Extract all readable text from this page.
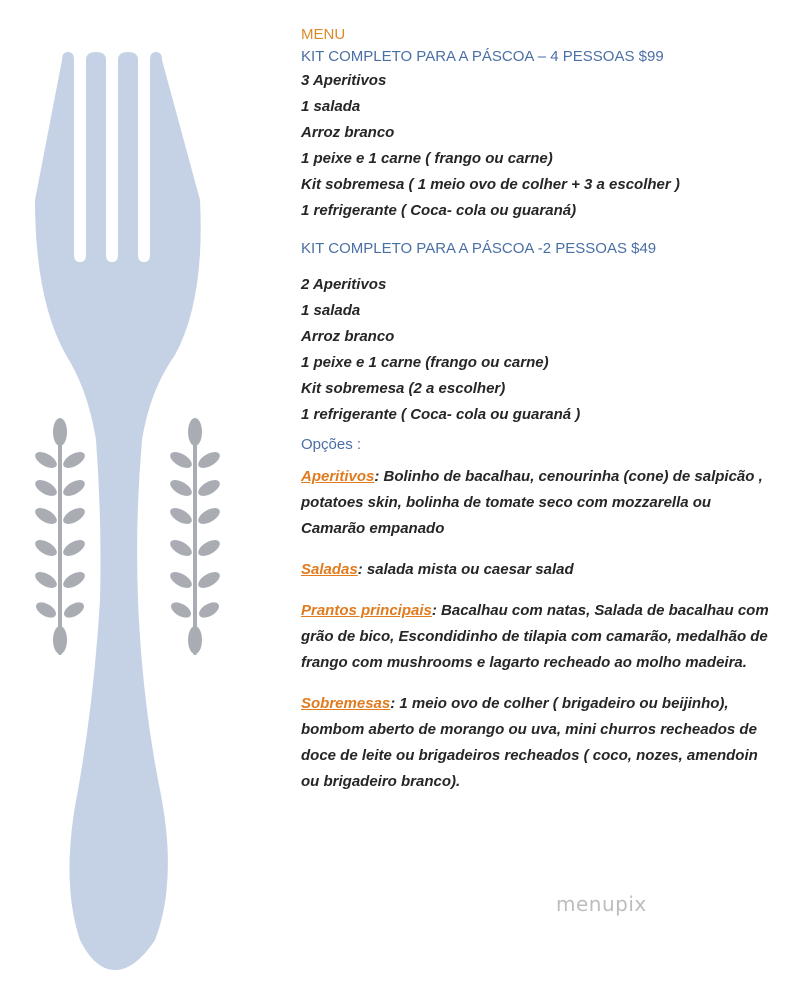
MENU
KIT COMPLETO PARA A PÁSCOA – 4 PESSOAS $99
3 Aperitivos
1 salada
Arroz branco
1 peixe e 1 carne ( frango ou carne)
Kit sobremesa ( 1 meio ovo de colher + 3 a escolher )
1 refrigerante ( Coca- cola ou guaraná)
KIT COMPLETO PARA A PÁSCOA -2 PESSOAS $49
2 Aperitivos
1 salada
Arroz branco
1 peixe e 1 carne (frango ou carne)
Kit sobremesa (2 a escolher)
1 refrigerante ( Coca- cola ou guaraná )
Opções :

Aperitivos: Bolinho de bacalhau, cenourinha (cone) de salpicão , potatoes skin, bolinha de tomate seco com mozzarella ou Camarão empanado

Saladas: salada mista ou caesar salad

Prantos principais: Bacalhau com natas, Salada de bacalhau com grão de bico, Escondidinho de tilapia com camarão, medalhão de frango com mushrooms e lagarto recheado ao molho madeira.

Sobremesas: 1 meio ovo de colher ( brigadeiro ou beijinho), bombom aberto de morango ou uva, mini churros recheados de doce de leite ou brigadeiros recheados ( coco, nozes, amendoin ou brigadeiro branco).

menupix
